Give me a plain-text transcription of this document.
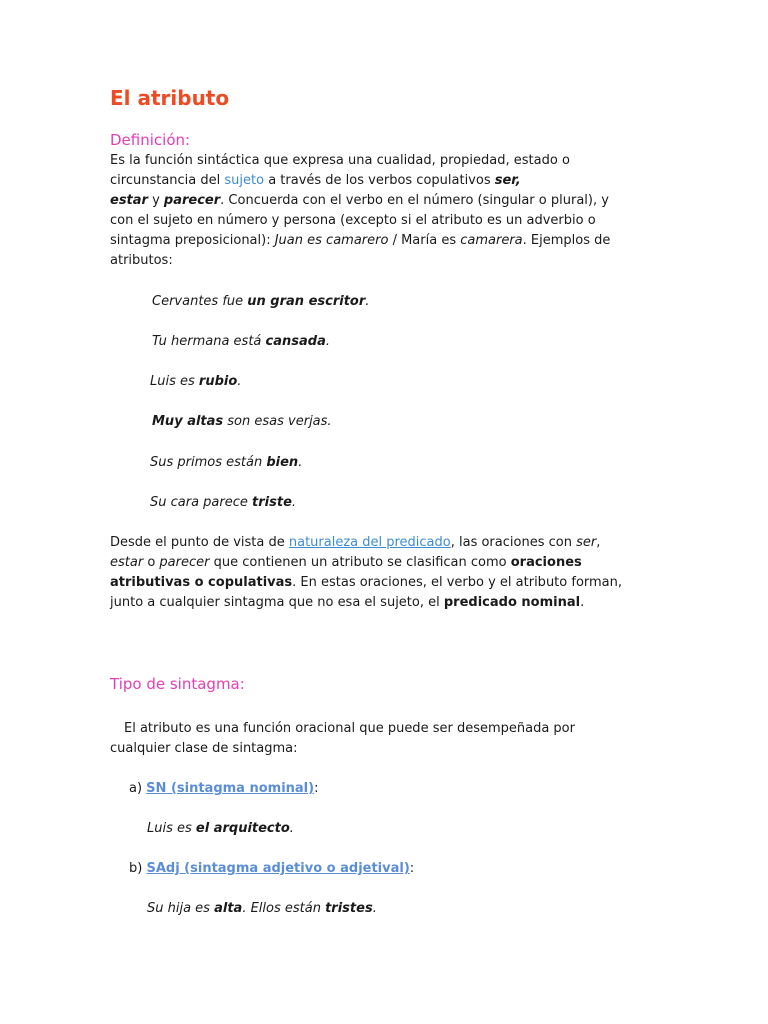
El atributo
Definición:
Es la función sintáctica que expresa una cualidad, propiedad, estado o
circunstancia del sujeto a través de los verbos copulativos ser,
estar y parecer. Concuerda con el verbo en el número (singular o plural), y
con el sujeto en número y persona (excepto si el atributo es un adverbio o
sintagma preposicional): Juan es camarero / María es camarera. Ejemplos de
atributos:
Cervantes fue un gran escritor.
Tu hermana está cansada.
Luis es rubio.
Muy altas son esas verjas.
Sus primos están bien.
Su cara parece triste.
Desde el punto de vista de naturaleza del predicado, las oraciones con ser,
estar o parecer que contienen un atributo se clasifican como oraciones
atributivas o copulativas. En estas oraciones, el verbo y el atributo forman,
junto a cualquier sintagma que no esa el sujeto, el predicado nominal.
Tipo de sintagma:
El atributo es una función oracional que puede ser desempeñada por
cualquier clase de sintagma:
a) SN (sintagma nominal):
Luis es el arquitecto.
b) SAdj (sintagma adjetivo o adjetival):
Su hija es alta. Ellos están tristes.
